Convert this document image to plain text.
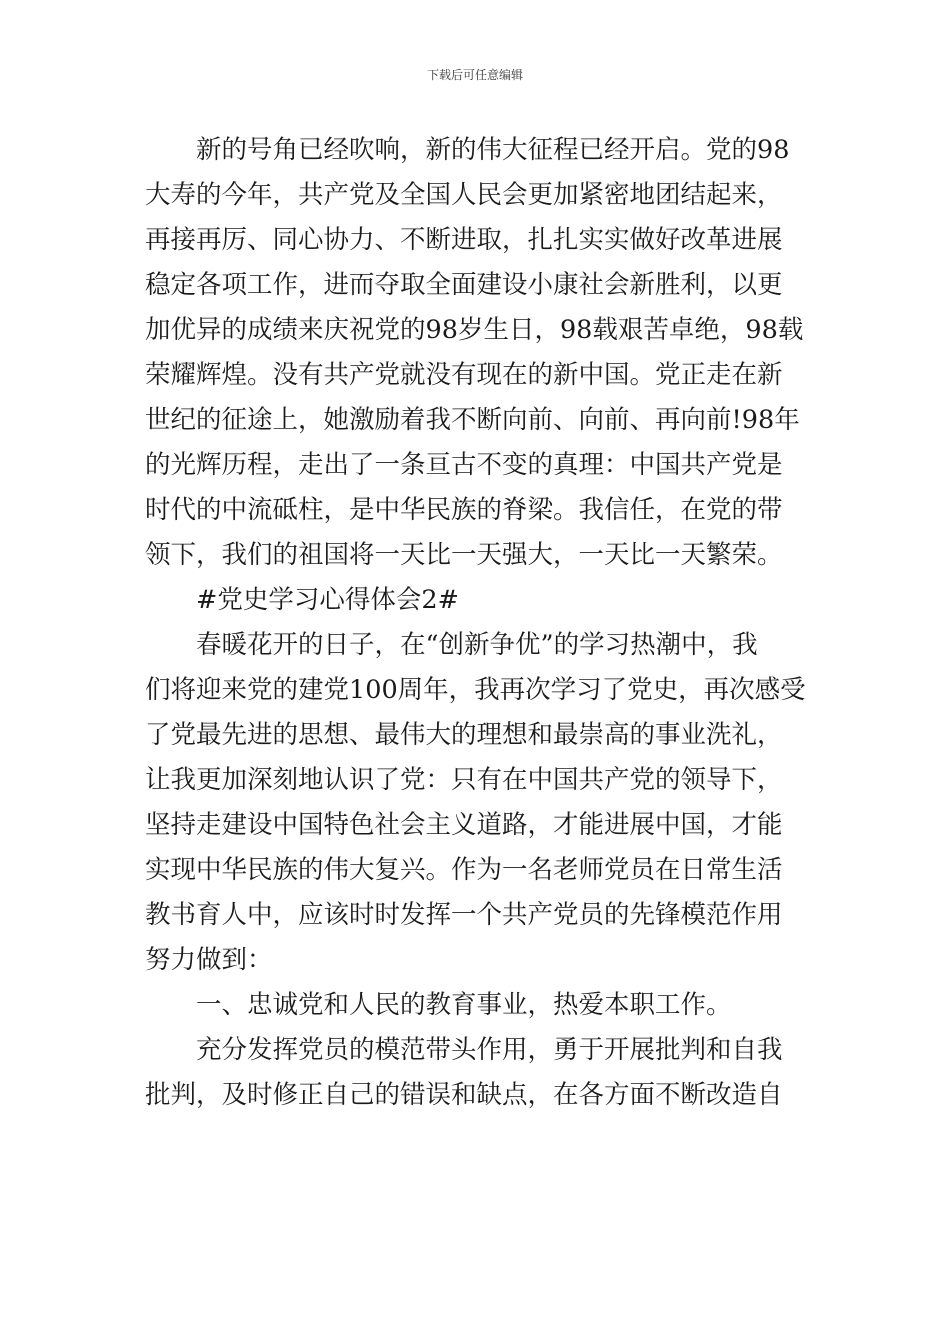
下载后可任意编辑
新的号角已经吹响，新的伟大征程已经开启。党的98
大寿的今年，共产党及全国人民会更加紧密地团结起来，
再接再厉、同心协力、不断进取，扎扎实实做好改革进展
稳定各项工作，进而夺取全面建设小康社会新胜利，以更
加优异的成绩来庆祝党的98岁生日，98载艰苦卓绝，98载
荣耀辉煌。没有共产党就没有现在的新中国。党正走在新
世纪的征途上，她激励着我不断向前、向前、再向前!98年
的光辉历程，走出了一条亘古不变的真理：中国共产党是
时代的中流砥柱，是中华民族的脊梁。我信任，在党的带
领下，我们的祖国将一天比一天强大，一天比一天繁荣。
#党史学习心得体会2#
春暖花开的日子，在“创新争优”的学习热潮中，我
们将迎来党的建党100周年，我再次学习了党史，再次感受
了党最先进的思想、最伟大的理想和最崇高的事业洗礼，
让我更加深刻地认识了党：只有在中国共产党的领导下，
坚持走建设中国特色社会主义道路，才能进展中国，才能
实现中华民族的伟大复兴。作为一名老师党员在日常生活
教书育人中，应该时时发挥一个共产党员的先锋模范作用
努力做到：
一、忠诚党和人民的教育事业，热爱本职工作。
充分发挥党员的模范带头作用，勇于开展批判和自我
批判，及时修正自己的错误和缺点，在各方面不断改造自
